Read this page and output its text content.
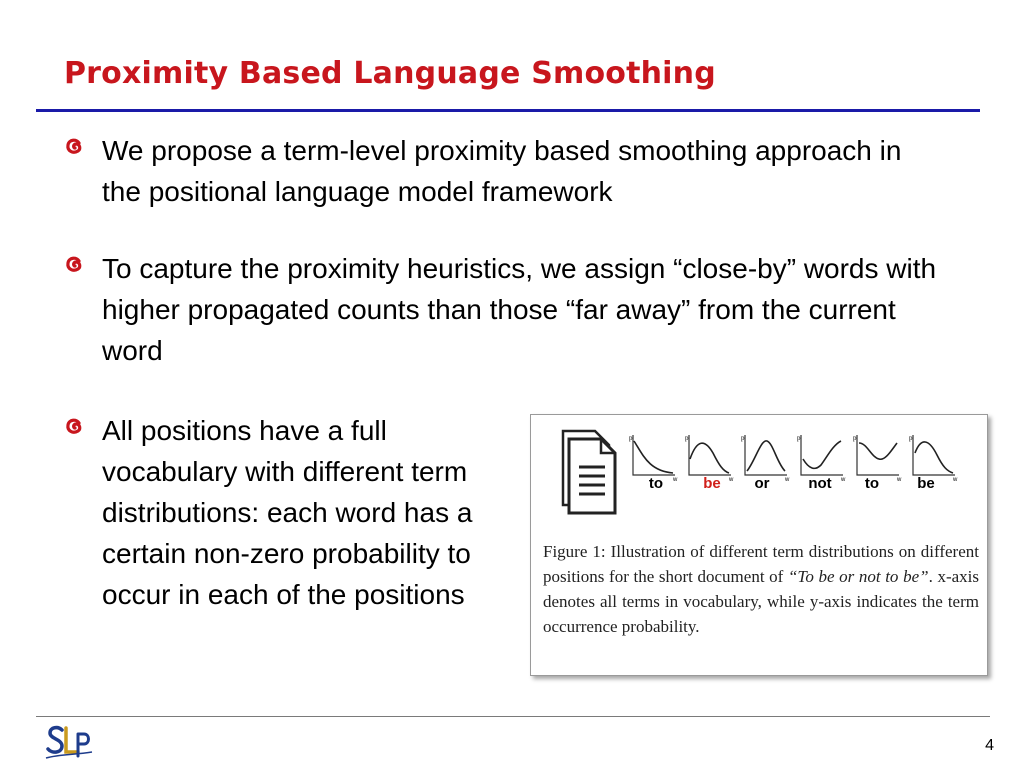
Proximity Based Language Smoothing
We propose a term-level proximity based smoothing approach in the positional language model framework
To capture the proximity heuristics, we assign “close-by” words with higher propagated counts than those “far away” from the current word
All positions have a full vocabulary with different term distributions: each word has a certain non-zero probability to occur in each of the positions
p
w
p
w
p
w
p
w
p
w
p
w
to	be	or	not	to	be
Figure 1: Illustration of different term distributions on different positions for the short document of “To be or not to be”. x-axis denotes all terms in vocabulary, while y-axis indicates the term occurrence probability.
4
